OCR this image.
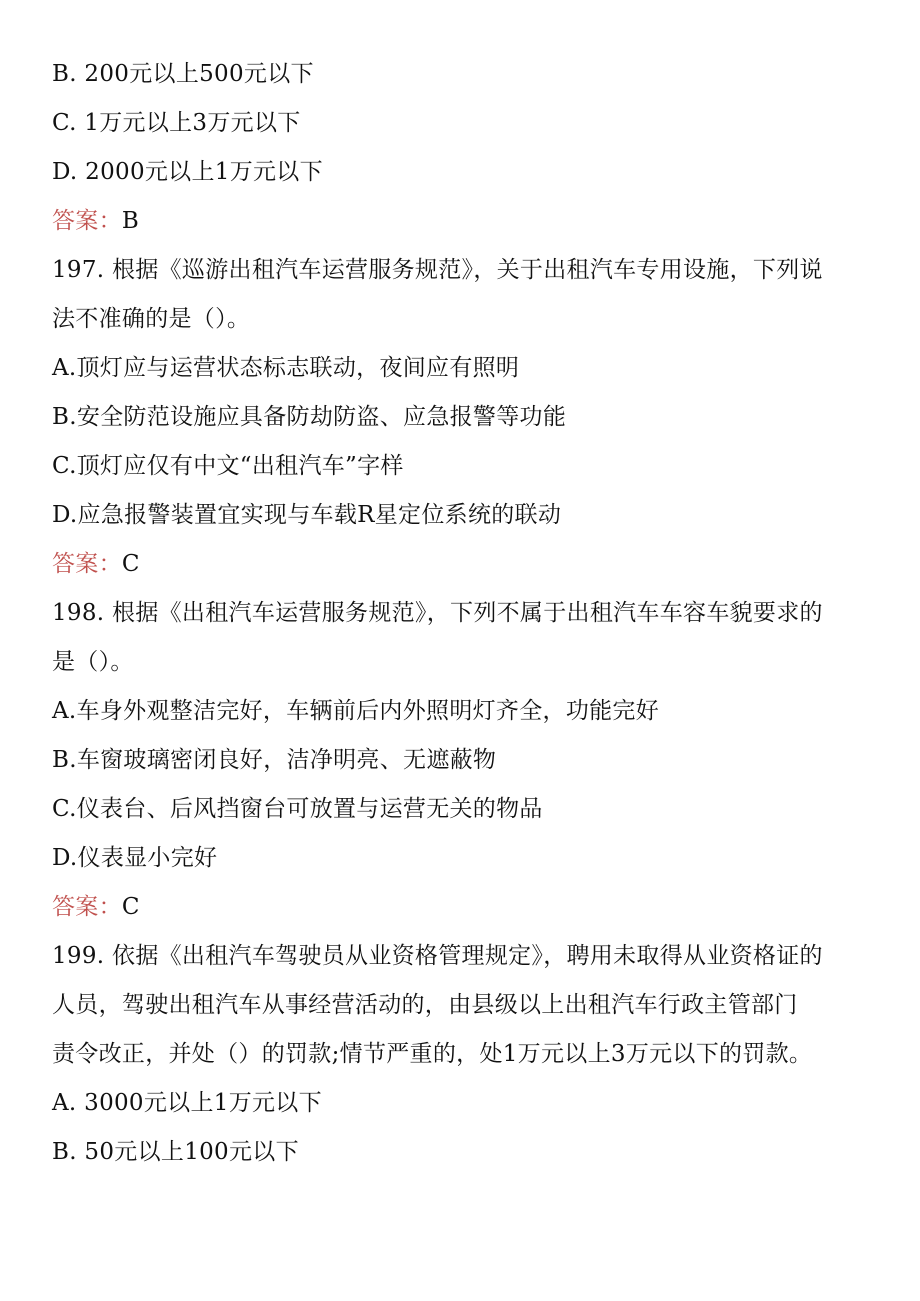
B. 200元以上500元以下
C. 1万元以上3万元以下
D. 2000元以上1万元以下
答案：B
197. 根据《巡游出租汽车运营服务规范》，关于出租汽车专用设施，下列说
法不准确的是（）。
A.顶灯应与运营状态标志联动，夜间应有照明
B.安全防范设施应具备防劫防盗、应急报警等功能
C.顶灯应仅有中文“出租汽车”字样
D.应急报警装置宜实现与车载R星定位系统的联动
答案：C
198. 根据《出租汽车运营服务规范》，下列不属于出租汽车车容车貌要求的
是（）。
A.车身外观整洁完好，车辆前后内外照明灯齐全，功能完好
B.车窗玻璃密闭良好，洁净明亮、无遮蔽物
C.仪表台、后风挡窗台可放置与运营无关的物品
D.仪表显小完好
答案：C
199. 依据《出租汽车驾驶员从业资格管理规定》，聘用未取得从业资格证的
人员，驾驶出租汽车从事经营活动的，由县级以上出租汽车行政主管部门
责令改正，并处（）的罚款;情节严重的，处1万元以上3万元以下的罚款。
A. 3000元以上1万元以下
B. 50元以上100元以下
